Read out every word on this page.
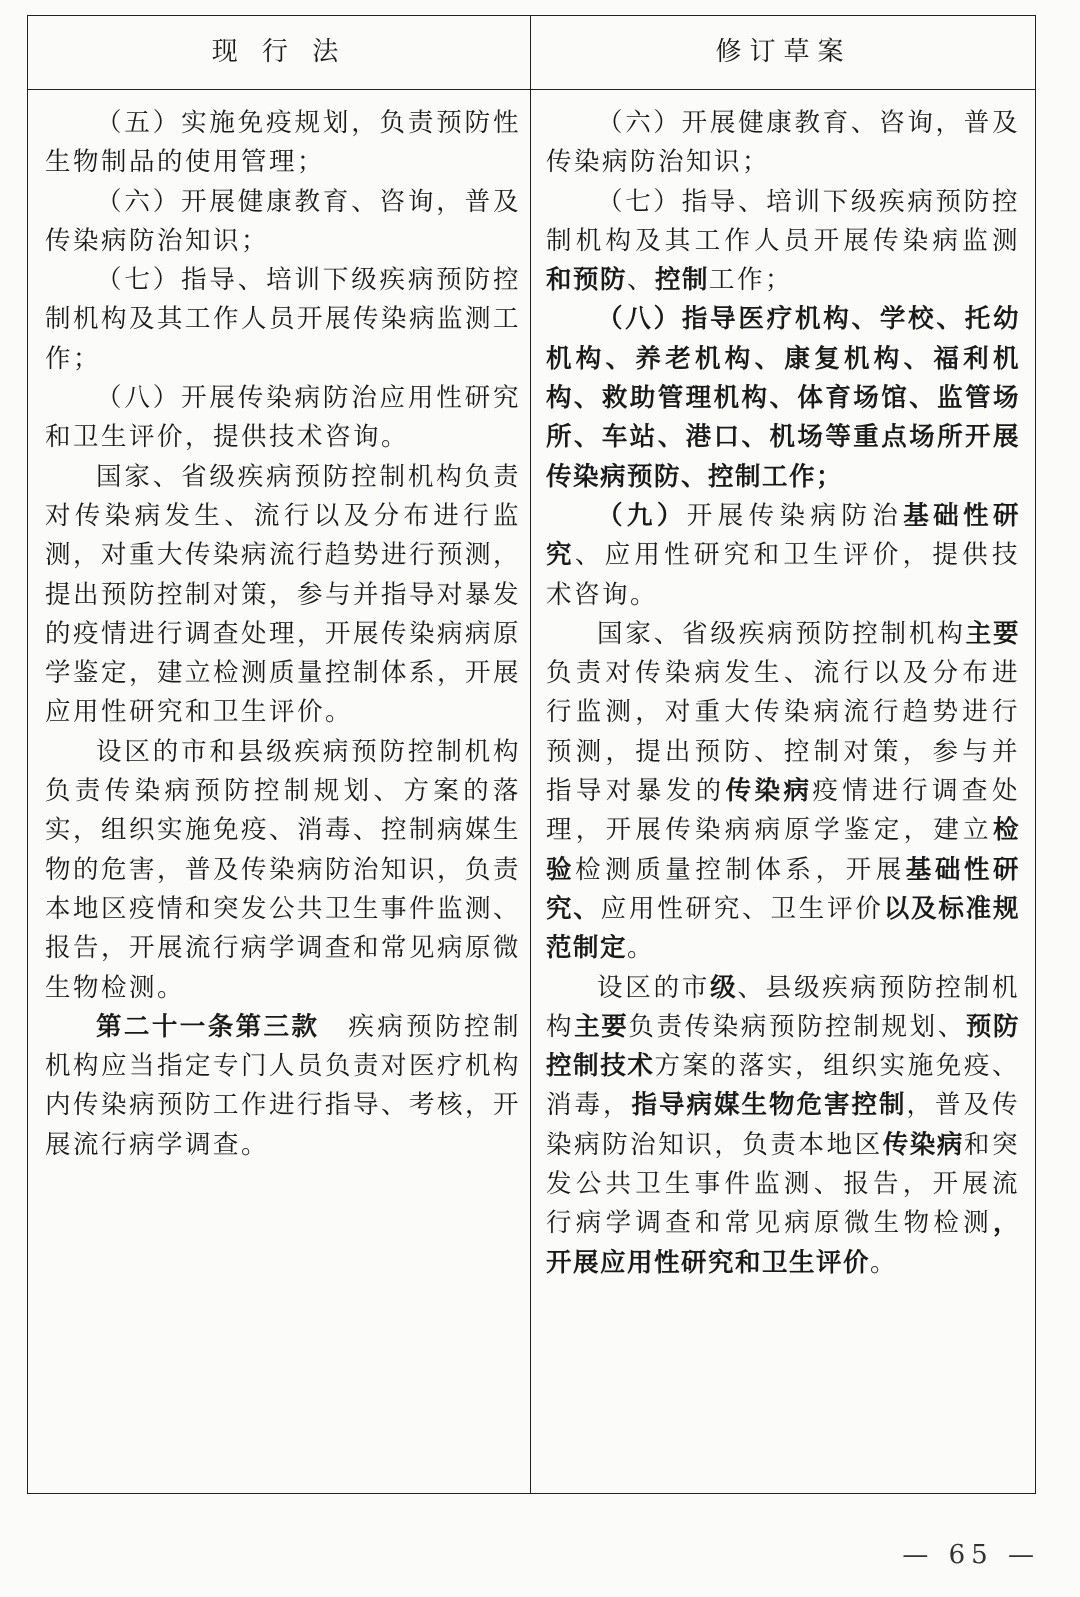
现 行 法	修订草案

（五）实施免疫规划，负责预防性生物制品的使用管理；

（六）开展健康教育、咨询，普及传染病防治知识；

（七）指导、培训下级疾病预防控制机构及其工作人员开展传染病监测工作；

（八）开展传染病防治应用性研究和卫生评价，提供技术咨询。

国家、省级疾病预防控制机构负责对传染病发生、流行以及分布进行监测，对重大传染病流行趋势进行预测，提出预防控制对策，参与并指导对暴发的疫情进行调查处理，开展传染病病原学鉴定，建立检测质量控制体系，开展应用性研究和卫生评价。

设区的市和县级疾病预防控制机构负责传染病预防控制规划、方案的落实，组织实施免疫、消毒、控制病媒生物的危害，普及传染病防治知识，负责本地区疫情和突发公共卫生事件监测、报告，开展流行病学调查和常见病原微生物检测。

第二十一条第三款　疾病预防控制机构应当指定专门人员负责对医疗机构内传染病预防工作进行指导、考核，开展流行病学调查。

（六）开展健康教育、咨询，普及传染病防治知识；

（七）指导、培训下级疾病预防控制机构及其工作人员开展传染病监测和预防、控制工作；

（八）指导医疗机构、学校、托幼机构、养老机构、康复机构、福利机构、救助管理机构、体育场馆、监管场所、车站、港口、机场等重点场所开展传染病预防、控制工作；

（九）开展传染病防治基础性研究、应用性研究和卫生评价，提供技术咨询。

国家、省级疾病预防控制机构主要负责对传染病发生、流行以及分布进行监测，对重大传染病流行趋势进行预测，提出预防、控制对策，参与并指导对暴发的传染病疫情进行调查处理，开展传染病病原学鉴定，建立检验检测质量控制体系，开展基础性研究、应用性研究、卫生评价以及标准规范制定。

设区的市级、县级疾病预防控制机构主要负责传染病预防控制规划、预防控制技术方案的落实，组织实施免疫、消毒，指导病媒生物危害控制，普及传染病防治知识，负责本地区传染病和突发公共卫生事件监测、报告，开展流行病学调查和常见病原微生物检测，开展应用性研究和卫生评价。

— 65 —
